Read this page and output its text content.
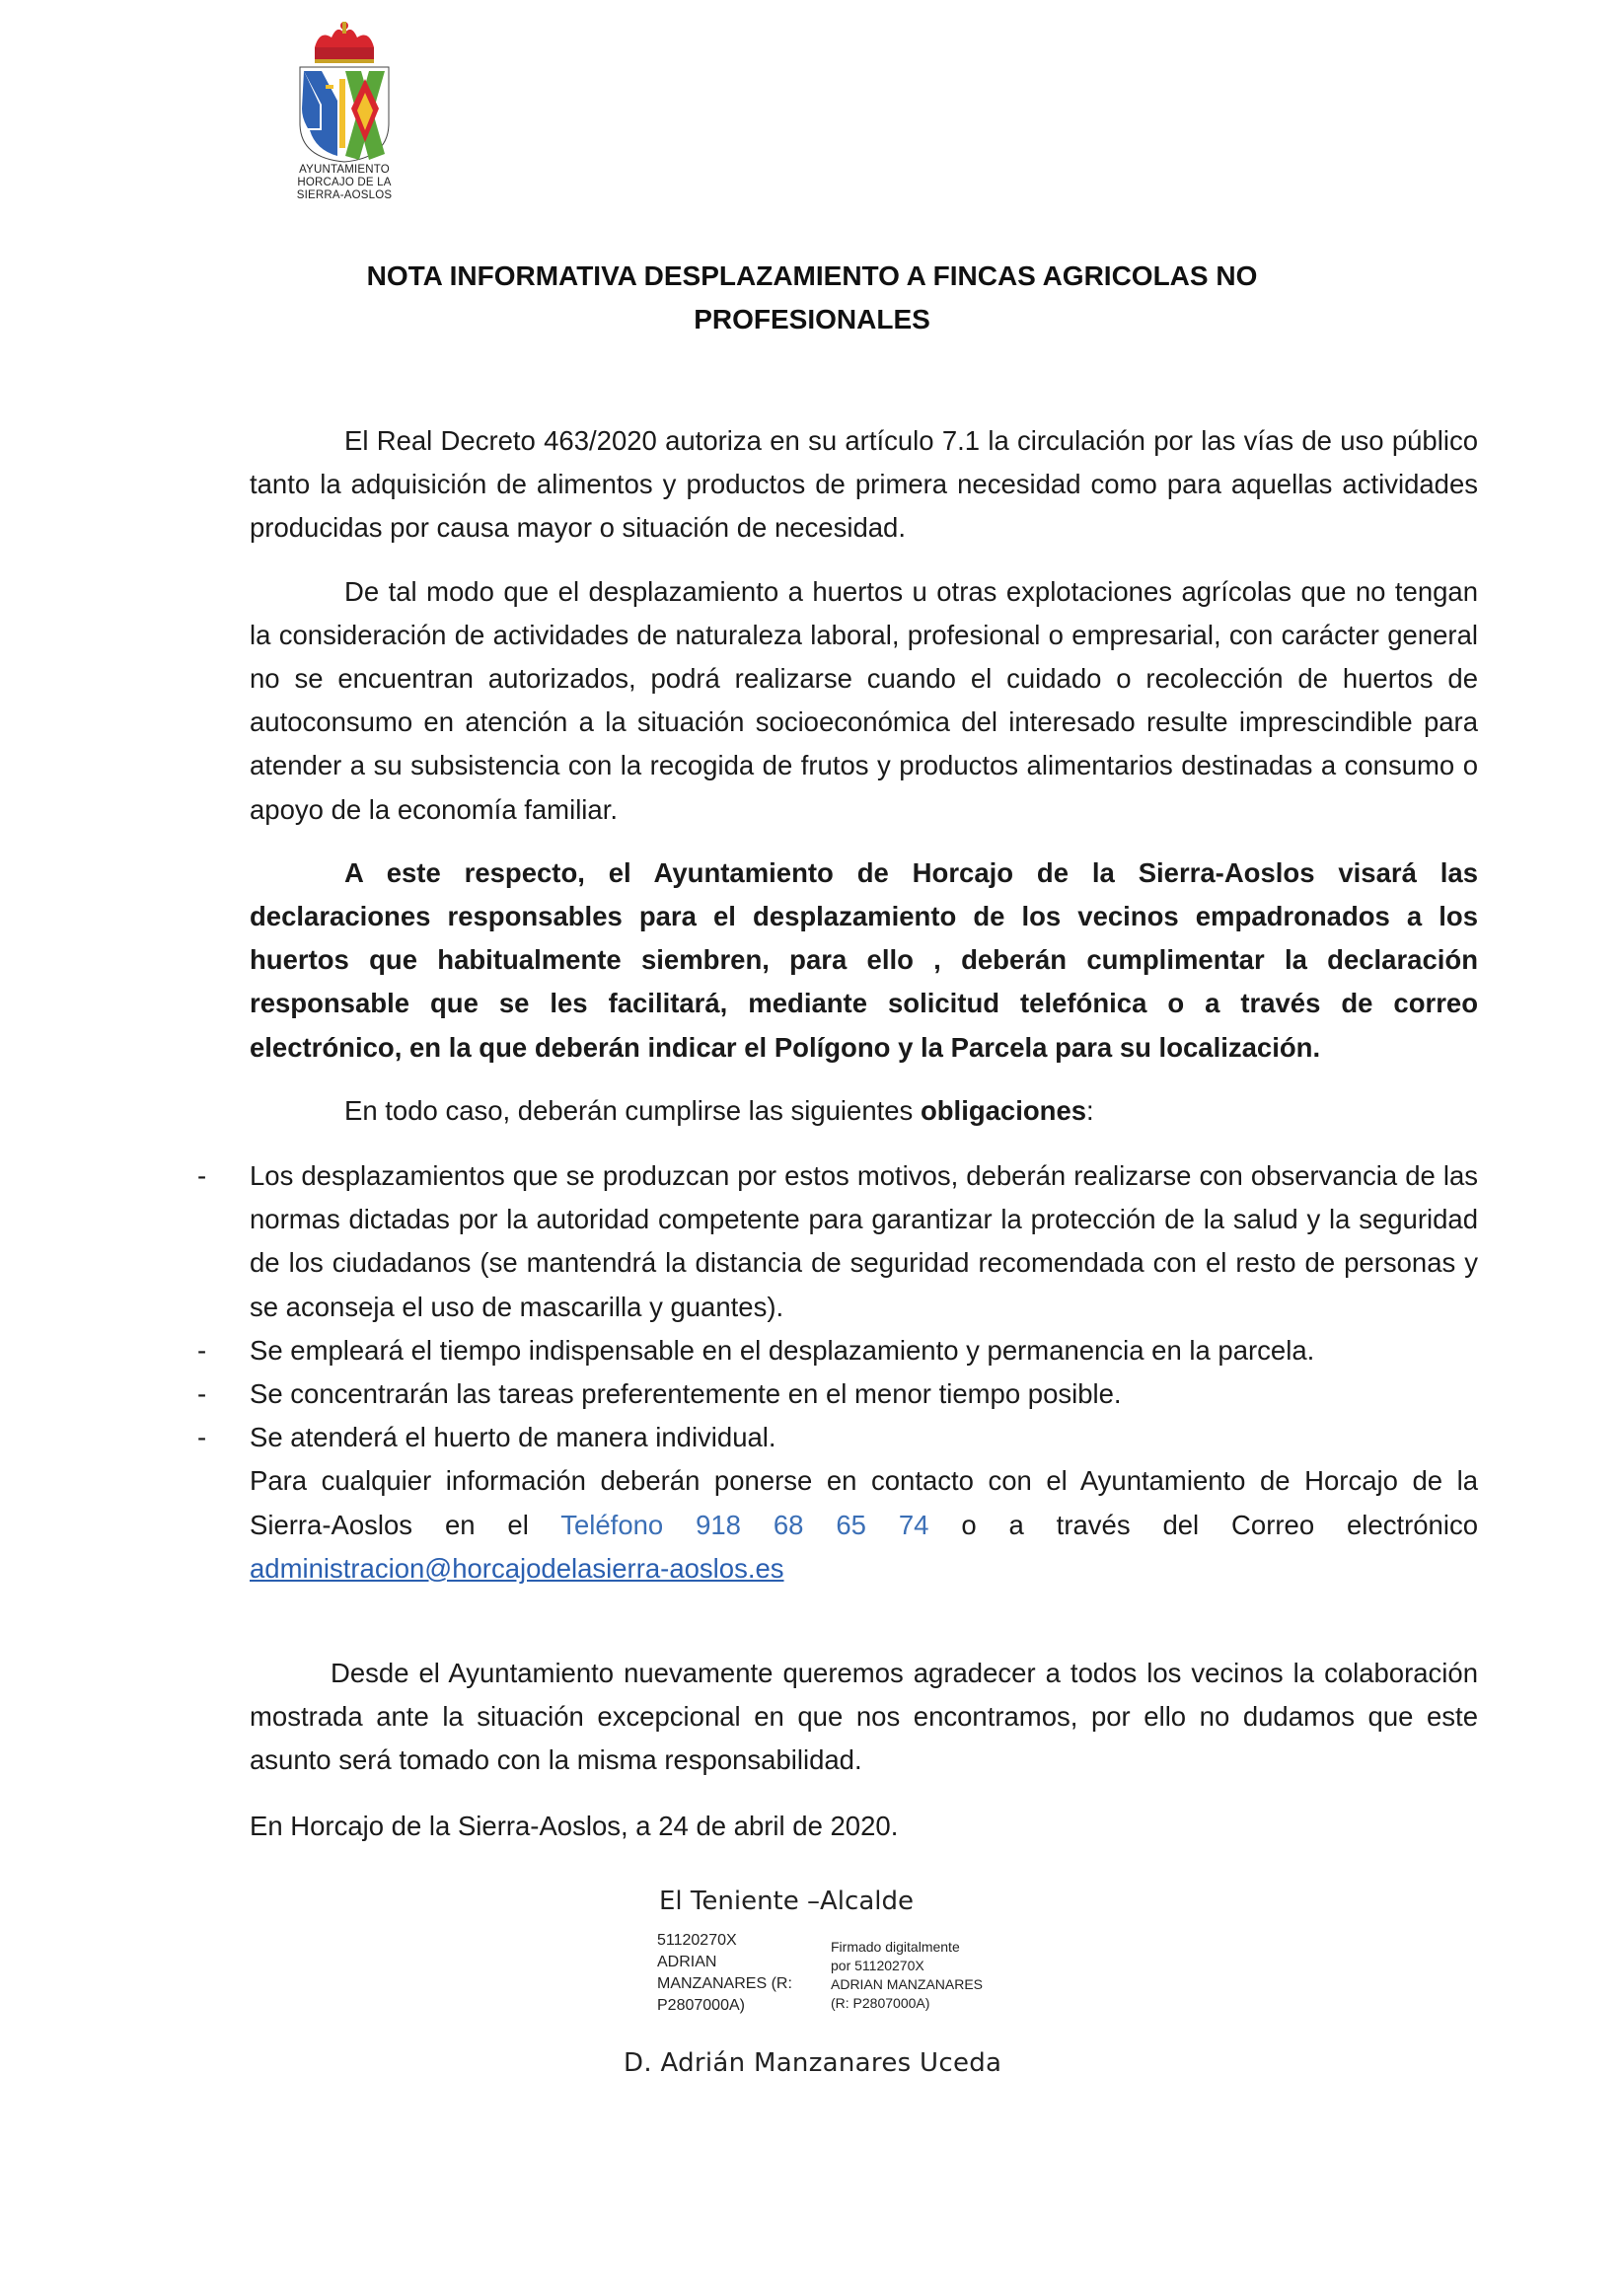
AYUNTAMIENTO
HORCAJO DE LA
SIERRA-AOSLOS
NOTA INFORMATIVA DESPLAZAMIENTO A FINCAS AGRICOLAS NO
PROFESIONALES

El Real Decreto 463/2020 autoriza en su artículo 7.1 la circulación por las vías de uso público tanto la adquisición de alimentos y productos de primera necesidad como para aquellas actividades producidas por causa mayor o situación de necesidad.

De tal modo que el desplazamiento a huertos u otras explotaciones agrícolas que no tengan la consideración de actividades de naturaleza laboral, profesional o empresarial, con carácter general no se encuentran autorizados, podrá realizarse cuando el cuidado o recolección de huertos de autoconsumo en atención a la situación socioeconómica del interesado resulte imprescindible para atender a su subsistencia con la recogida de frutos y productos alimentarios destinadas a consumo o apoyo de la economía familiar.

A este respecto, el Ayuntamiento de Horcajo de la Sierra-Aoslos visará las declaraciones responsables para el desplazamiento de los vecinos empadronados a los huertos que habitualmente siembren, para ello , deberán cumplimentar la declaración responsable que se les facilitará, mediante solicitud telefónica o a través de correo electrónico, en la que deberán indicar el Polígono y la Parcela para su localización.

En todo caso, deberán cumplirse las siguientes obligaciones:

- Los desplazamientos que se produzcan por estos motivos, deberán realizarse con observancia de las normas dictadas por la autoridad competente para garantizar la protección de la salud y la seguridad de los ciudadanos (se mantendrá la distancia de seguridad recomendada con el resto de personas y se aconseja el uso de mascarilla y guantes).
- Se empleará el tiempo indispensable en el desplazamiento y permanencia en la parcela.
- Se concentrarán las tareas preferentemente en el menor tiempo posible.
- Se atenderá el huerto de manera individual.

Para cualquier información deberán ponerse en contacto con el Ayuntamiento de Horcajo de la Sierra-Aoslos en el Teléfono 918 68 65 74 o a través del Correo electrónico administracion@horcajodelasierra-aoslos.es

Desde el Ayuntamiento nuevamente queremos agradecer a todos los vecinos la colaboración mostrada ante la situación excepcional en que nos encontramos, por ello no dudamos que este asunto será tomado con la misma responsabilidad.

En Horcajo de la Sierra-Aoslos, a 24 de abril de 2020.

El Teniente –Alcalde
51120270X
ADRIAN
MANZANARES (R:
P2807000A)
Firmado digitalmente
por 51120270X
ADRIAN MANZANARES
(R: P2807000A)
D. Adrián Manzanares Uceda
